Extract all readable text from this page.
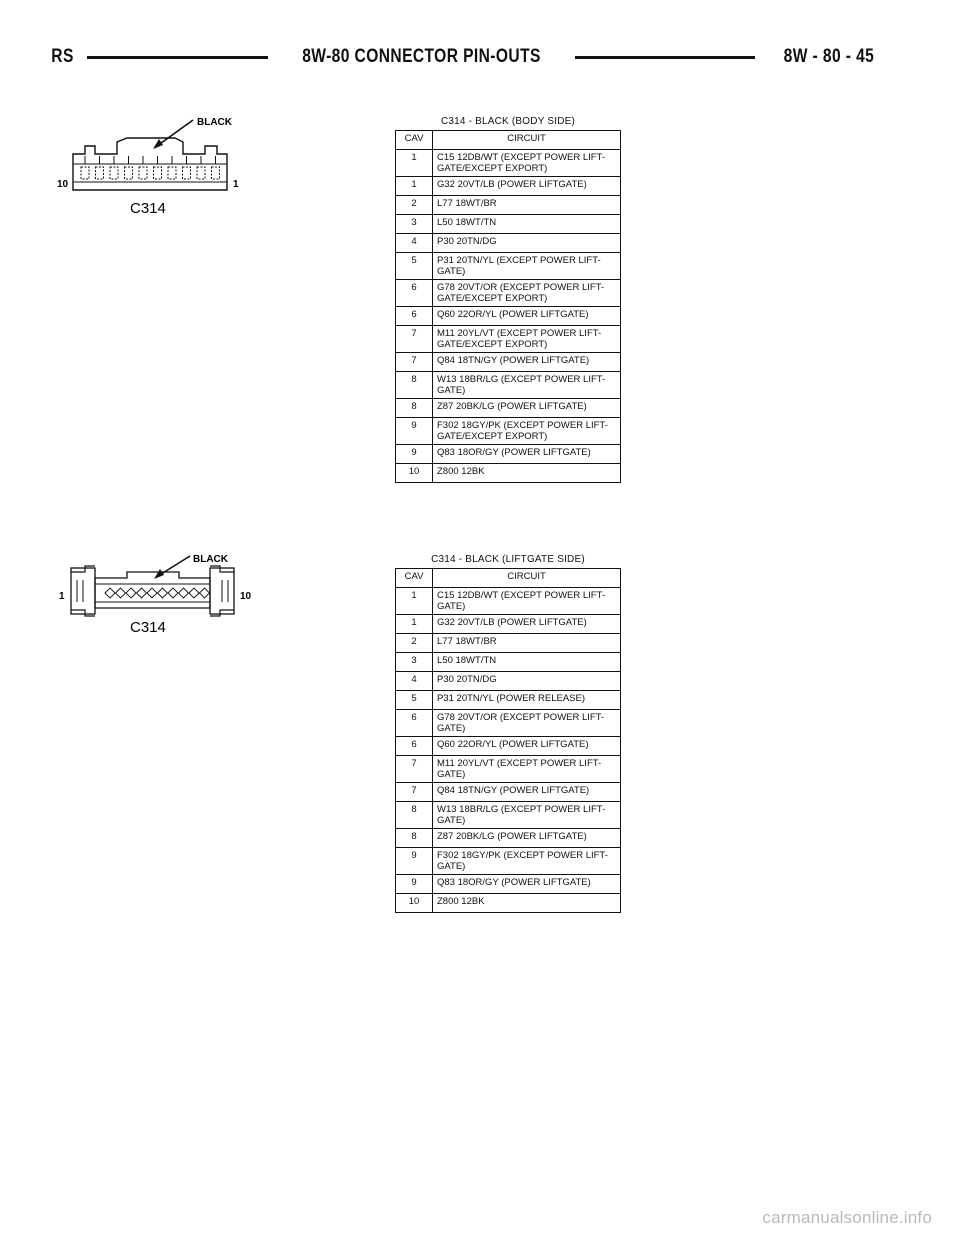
RS	8W-80 CONNECTOR PIN-OUTS	8W - 80 - 45
BLACK
10	1
C314
C314 - BLACK (BODY SIDE)
CAV	CIRCUIT
1	C15 12DB/WT (EXCEPT POWER LIFT-GATE/EXCEPT EXPORT)
1	G32 20VT/LB (POWER LIFTGATE)
2	L77 18WT/BR
3	L50 18WT/TN
4	P30 20TN/DG
5	P31 20TN/YL (EXCEPT POWER LIFT-GATE)
6	G78 20VT/OR (EXCEPT POWER LIFT-GATE/EXCEPT EXPORT)
6	Q60 22OR/YL (POWER LIFTGATE)
7	M11 20YL/VT (EXCEPT POWER LIFT-GATE/EXCEPT EXPORT)
7	Q84 18TN/GY (POWER LIFTGATE)
8	W13 18BR/LG (EXCEPT POWER LIFT-GATE)
8	Z87 20BK/LG (POWER LIFTGATE)
9	F302 18GY/PK (EXCEPT POWER LIFT-GATE/EXCEPT EXPORT)
9	Q83 18OR/GY (POWER LIFTGATE)
10	Z800 12BK
BLACK
1	10
C314
C314 - BLACK (LIFTGATE SIDE)
CAV	CIRCUIT
1	C15 12DB/WT (EXCEPT POWER LIFT-GATE)
1	G32 20VT/LB (POWER LIFTGATE)
2	L77 18WT/BR
3	L50 18WT/TN
4	P30 20TN/DG
5	P31 20TN/YL (POWER RELEASE)
6	G78 20VT/OR (EXCEPT POWER LIFT-GATE)
6	Q60 22OR/YL (POWER LIFTGATE)
7	M11 20YL/VT (EXCEPT POWER LIFT-GATE)
7	Q84 18TN/GY (POWER LIFTGATE)
8	W13 18BR/LG (EXCEPT POWER LIFT-GATE)
8	Z87 20BK/LG (POWER LIFTGATE)
9	F302 18GY/PK (EXCEPT POWER LIFT-GATE)
9	Q83 18OR/GY (POWER LIFTGATE)
10	Z800 12BK
carmanualsonline.info
